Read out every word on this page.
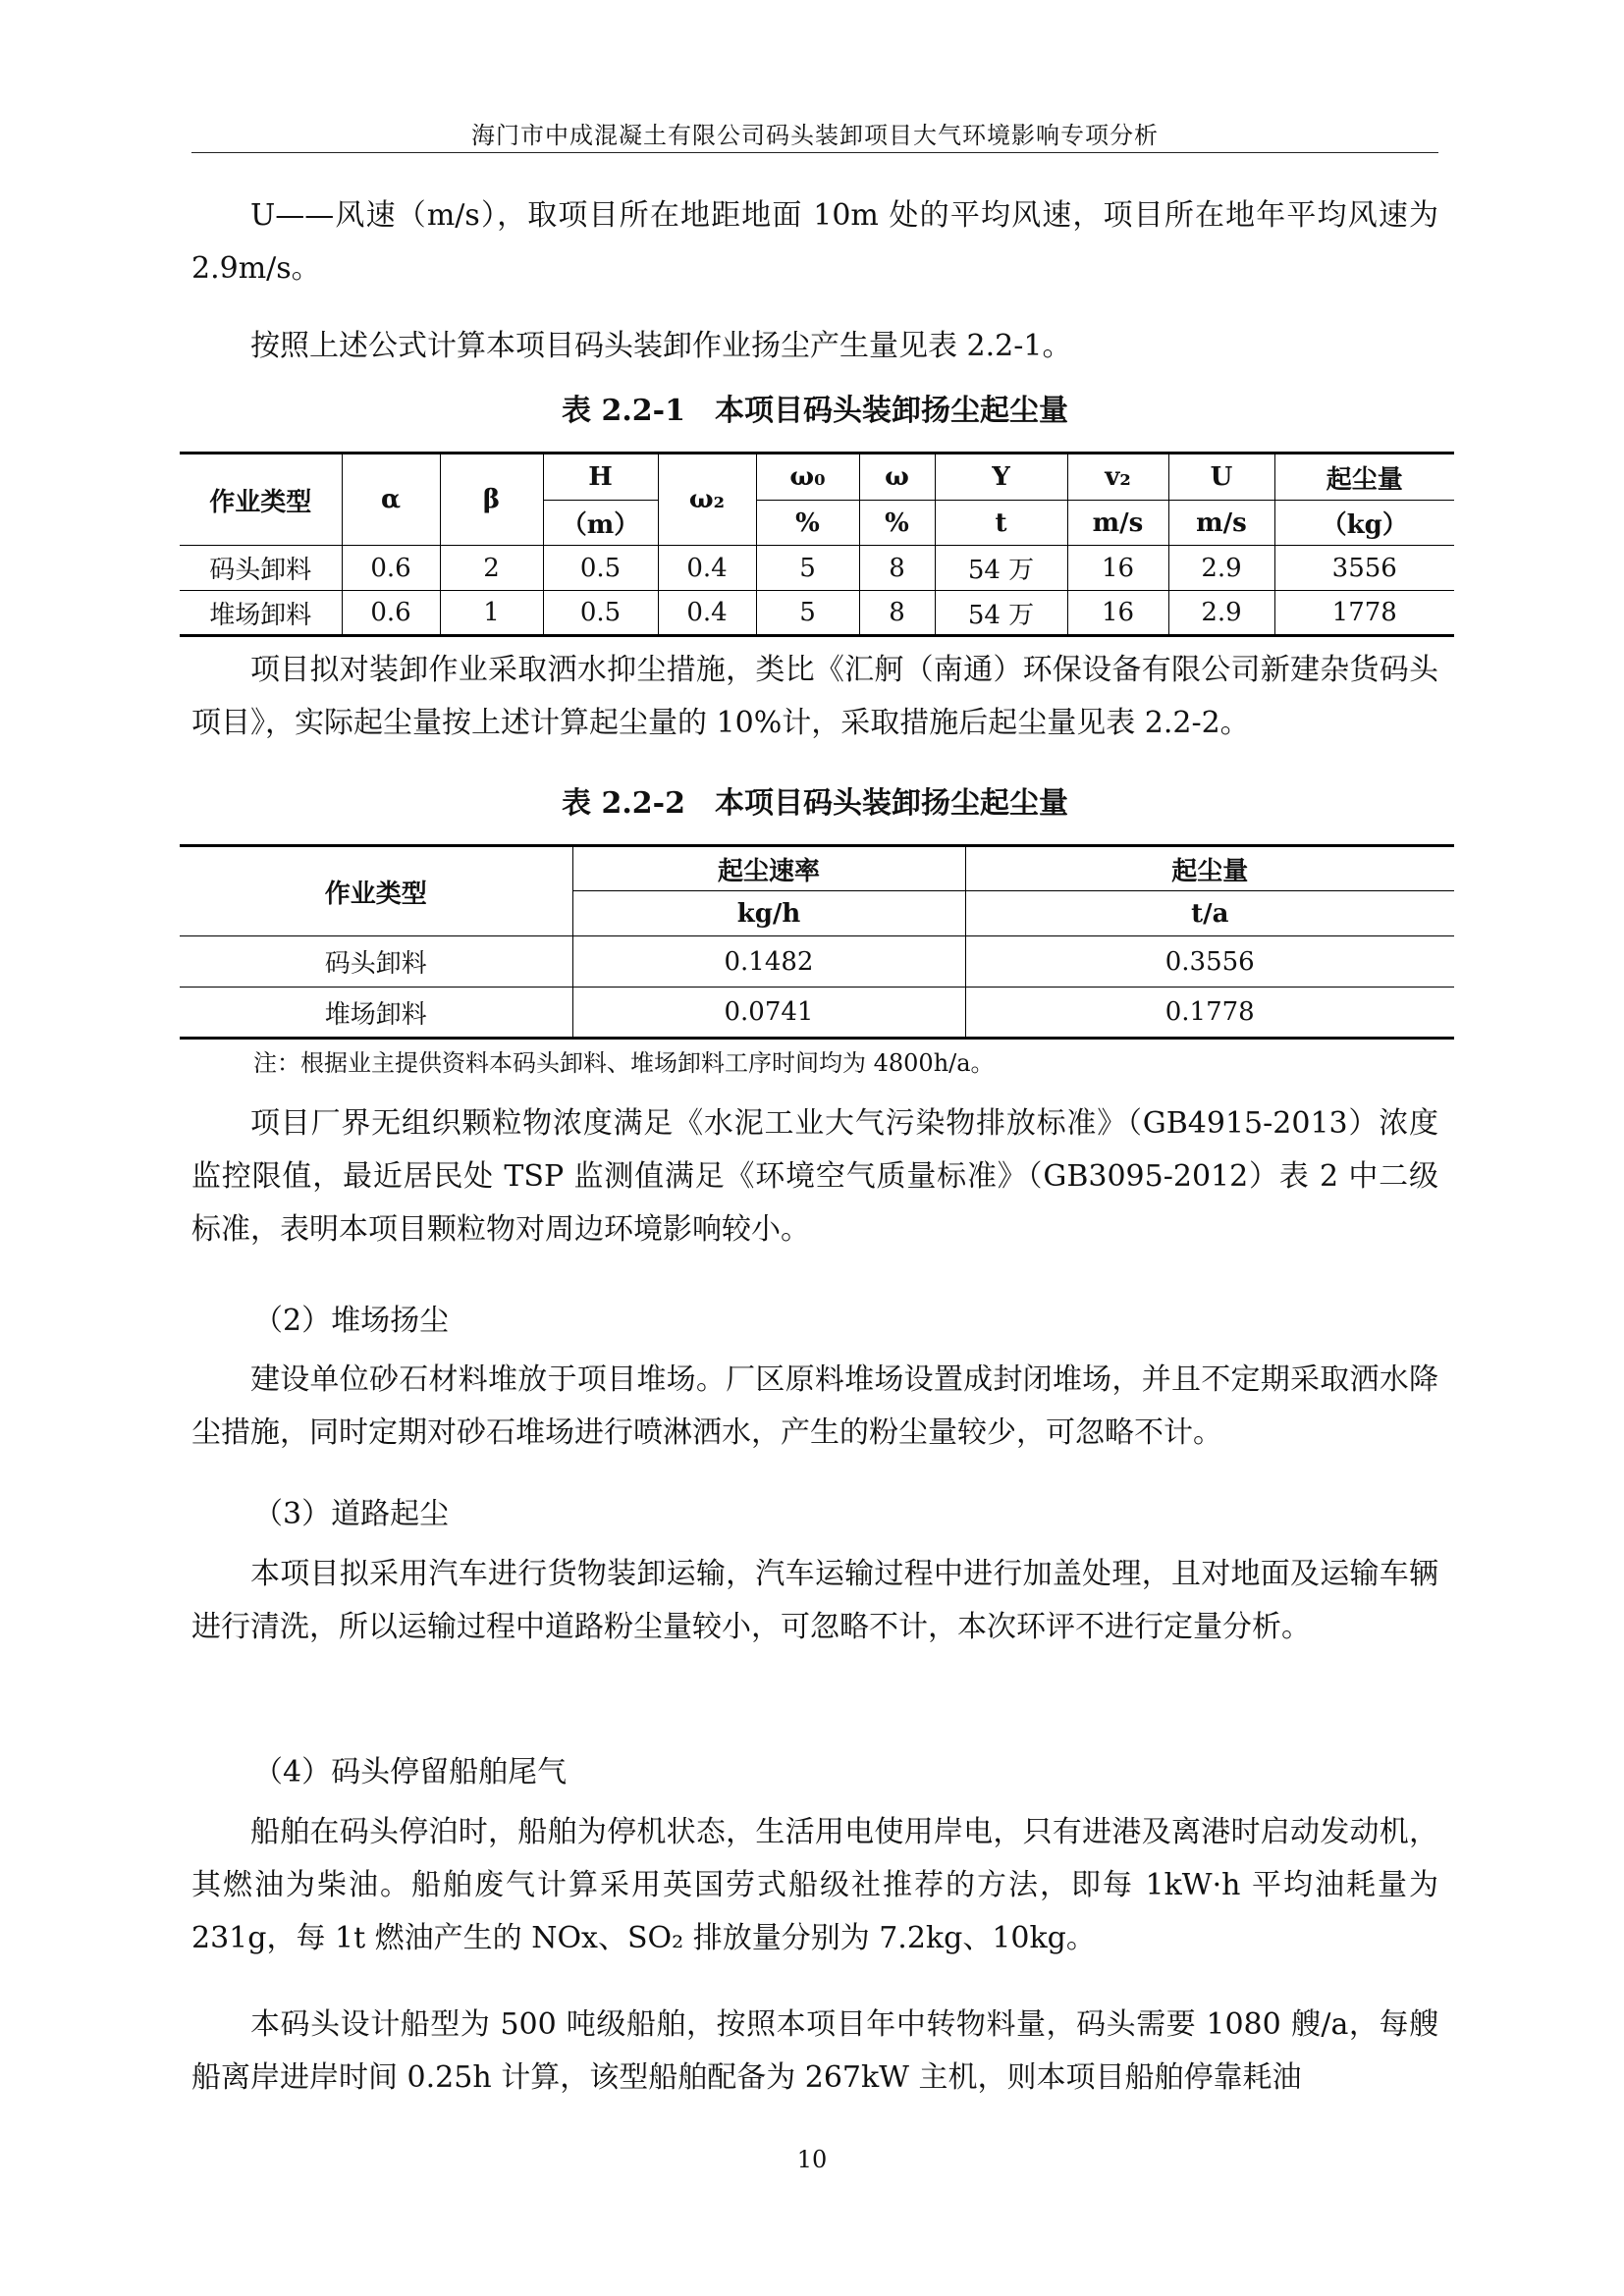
海门市中成混凝土有限公司码头装卸项目大气环境影响专项分析
U——风速（m/s），取项目所在地距地面 10m 处的平均风速，项目所在地年平均风速为 2.9m/s。
按照上述公式计算本项目码头装卸作业扬尘产生量见表 2.2-1。
表 2.2-1　本项目码头装卸扬尘起尘量
作业类型	α	β	H	ω₂	ω₀	ω	Y	v₂	U	起尘量
			（m）		%	%	t	m/s	m/s	（kg）
码头卸料	0.6	2	0.5	0.4	5	8	54 万	16	2.9	3556
堆场卸料	0.6	1	0.5	0.4	5	8	54 万	16	2.9	1778
项目拟对装卸作业采取洒水抑尘措施，类比《汇舸（南通）环保设备有限公司新建杂货码头项目》，实际起尘量按上述计算起尘量的 10%计，采取措施后起尘量见表 2.2-2。
表 2.2-2　本项目码头装卸扬尘起尘量
作业类型	起尘速率	起尘量
	kg/h	t/a
码头卸料	0.1482	0.3556
堆场卸料	0.0741	0.1778
注：根据业主提供资料本码头卸料、堆场卸料工序时间均为 4800h/a。
项目厂界无组织颗粒物浓度满足《水泥工业大气污染物排放标准》（GB4915-2013）浓度监控限值，最近居民处 TSP 监测值满足《环境空气质量标准》（GB3095-2012）表 2 中二级标准，表明本项目颗粒物对周边环境影响较小。
（2）堆场扬尘
建设单位砂石材料堆放于项目堆场。厂区原料堆场设置成封闭堆场，并且不定期采取洒水降尘措施，同时定期对砂石堆场进行喷淋洒水，产生的粉尘量较少，可忽略不计。
（3）道路起尘
本项目拟采用汽车进行货物装卸运输，汽车运输过程中进行加盖处理，且对地面及运输车辆进行清洗，所以运输过程中道路粉尘量较小，可忽略不计，本次环评不进行定量分析。
（4）码头停留船舶尾气
船舶在码头停泊时，船舶为停机状态，生活用电使用岸电，只有进港及离港时启动发动机，其燃油为柴油。船舶废气计算采用英国劳式船级社推荐的方法，即每 1kW·h 平均油耗量为 231g，每 1t 燃油产生的 NOx、SO₂ 排放量分别为 7.2kg、10kg。
本码头设计船型为 500 吨级船舶，按照本项目年中转物料量，码头需要 1080 艘/a，每艘船离岸进岸时间 0.25h 计算，该型船舶配备为 267kW 主机，则本项目船舶停靠耗油
10
